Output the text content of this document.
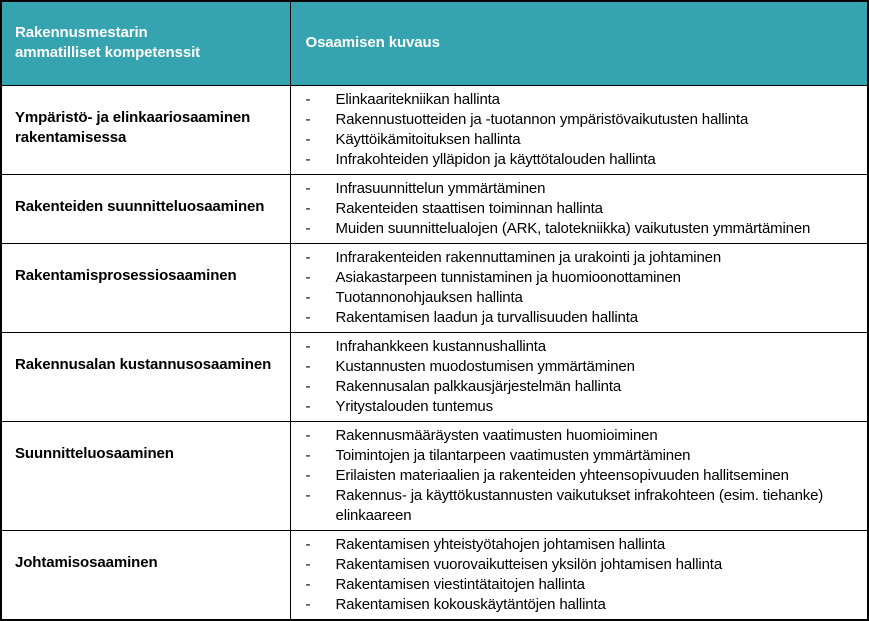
Rakennusmestarin
ammatilliset kompetenssit	Osaamisen kuvaus
Ympäristö- ja elinkaariosaaminen rakentamisessa	
-	Elinkaaritekniikan hallinta
-	Rakennustuotteiden ja -tuotannon ympäristövaikutusten hallinta
-	Käyttöikämitoituksen hallinta
-	Infrakohteiden ylläpidon ja käyttötalouden hallinta

Rakenteiden suunnitteluosaaminen	
-	Infrasuunnittelun ymmärtäminen
-	Rakenteiden staattisen toiminnan hallinta
-	Muiden suunnittelualojen (ARK, talotekniikka) vaikutusten ymmärtäminen

Rakentamisprosessiosaaminen	
-	Infrarakenteiden rakennuttaminen ja urakointi ja johtaminen
-	Asiakastarpeen tunnistaminen ja huomioonottaminen
-	Tuotannonohjauksen hallinta
-	Rakentamisen laadun ja turvallisuuden hallinta

Rakennusalan kustannusosaaminen	
-	Infrahankkeen kustannushallinta
-	Kustannusten muodostumisen ymmärtäminen
-	Rakennusalan palkkausjärjestelmän hallinta
-	Yritystalouden tuntemus

Suunnitteluosaaminen	
-	Rakennusmääräysten vaatimusten huomioiminen
-	Toimintojen ja tilantarpeen vaatimusten ymmärtäminen
-	Erilaisten materiaalien ja rakenteiden yhteensopivuuden hallitseminen
-	Rakennus- ja käyttökustannusten vaikutukset infrakohteen (esim. tiehanke) elinkaareen

Johtamisosaaminen	
-	Rakentamisen yhteistyötahojen johtamisen hallinta
-	Rakentamisen vuorovaikutteisen yksilön johtamisen hallinta
-	Rakentamisen viestintätaitojen hallinta
-	Rakentamisen kokouskäytäntöjen hallinta
